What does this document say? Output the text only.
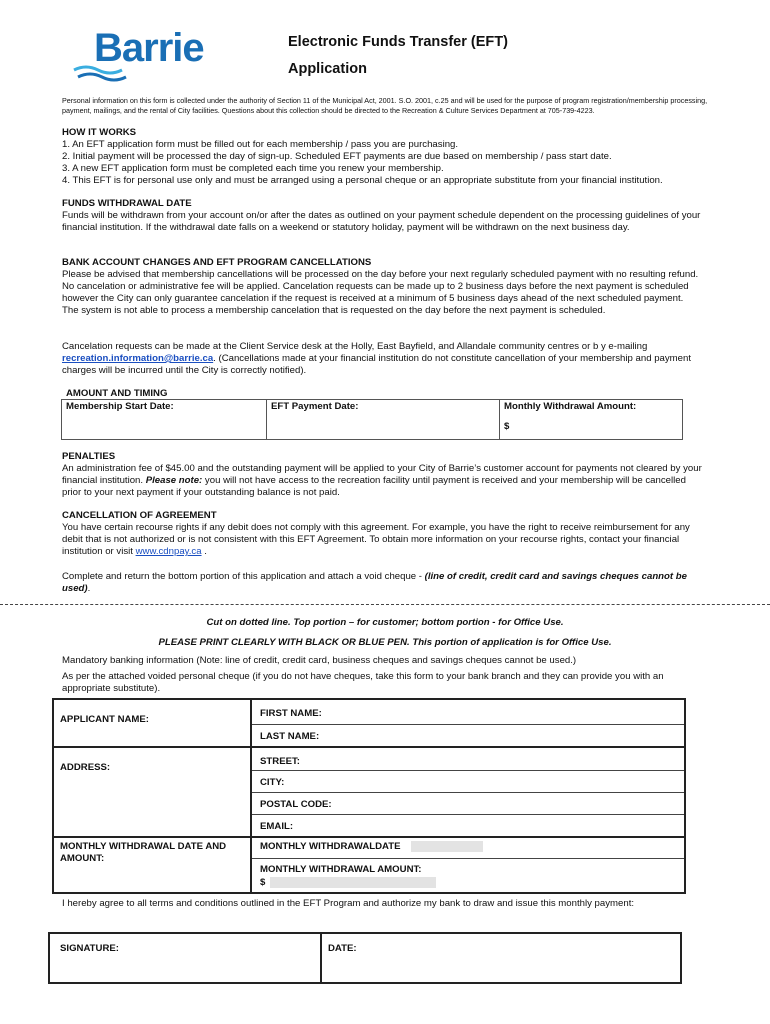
Barrie	Electronic Funds Transfer (EFT)
Application
Personal information on this form is collected under the authority of Section 11 of the Municipal Act, 2001. S.O. 2001, c.25 and will be used for the purpose of program registration/membership processing, payment, mailings, and the rental of City facilities. Questions about this collection should be directed to the Recreation & Culture Services Department at 705-739-4223.
HOW IT WORKS
1. An EFT application form must be filled out for each membership / pass you are purchasing.
2. Initial payment will be processed the day of sign-up. Scheduled EFT payments are due based on membership / pass start date.
3. A new EFT application form must be completed each time you renew your membership.
4. This EFT is for personal use only and must be arranged using a personal cheque or an appropriate substitute from your financial institution.
FUNDS WITHDRAWAL DATE
Funds will be withdrawn from your account on/or after the dates as outlined on your payment schedule dependent on the processing guidelines of your financial institution. If the withdrawal date falls on a weekend or statutory holiday, payment will be withdrawn on the next business day.
BANK ACCOUNT CHANGES AND EFT PROGRAM CANCELLATIONS
Please be advised that membership cancellations will be processed on the day before your next regularly scheduled payment with no resulting refund. No cancelation or administrative fee will be applied. Cancelation requests can be made up to 2 business days before the next payment is scheduled however the City can only guarantee cancelation if the request is received at a minimum of 5 business days ahead of the next scheduled payment. The system is not able to process a membership cancelation that is requested on the day before the next payment is scheduled.
Cancelation requests can be made at the Client Service desk at the Holly, East Bayfield, and Allandale community centres or b y e-mailing recreation.information@barrie.ca. (Cancellations made at your financial institution do not constitute cancellation of your membership and payment charges will be incurred until the City is correctly notified).
AMOUNT AND TIMING
Membership Start Date:	EFT Payment Date:	Monthly Withdrawal Amount:
$
PENALTIES
An administration fee of $45.00 and the outstanding payment will be applied to your City of Barrie’s customer account for payments not cleared by your financial institution. Please note: you will not have access to the recreation facility until payment is received and your membership will be cancelled prior to your next payment if your outstanding balance is not paid.
CANCELLATION OF AGREEMENT
You have certain recourse rights if any debit does not comply with this agreement. For example, you have the right to receive reimbursement for any debit that is not authorized or is not consistent with this EFT Agreement. To obtain more information on your recourse rights, contact your financial institution or visit www.cdnpay.ca .
Complete and return the bottom portion of this application and attach a void cheque - (line of credit, credit card and savings cheques cannot be used).
Cut on dotted line. Top portion – for customer; bottom portion - for Office Use.
PLEASE PRINT CLEARLY WITH BLACK OR BLUE PEN. This portion of application is for Office Use.
Mandatory banking information (Note: line of credit, credit card, business cheques and savings cheques cannot be used.)
As per the attached voided personal cheque (if you do not have cheques, take this form to your bank branch and they can provide you with an appropriate substitute).
APPLICANT NAME:
FIRST NAME:
LAST NAME:
ADDRESS:
STREET:
CITY:
POSTAL CODE:
EMAIL:
MONTHLY WITHDRAWAL DATE AND AMOUNT:
MONTHLY WITHDRAWALDATE
MONTHLY WITHDRAWAL AMOUNT:
$
I hereby agree to all terms and conditions outlined in the EFT Program and authorize my bank to draw and issue this monthly payment:
SIGNATURE:	DATE:
